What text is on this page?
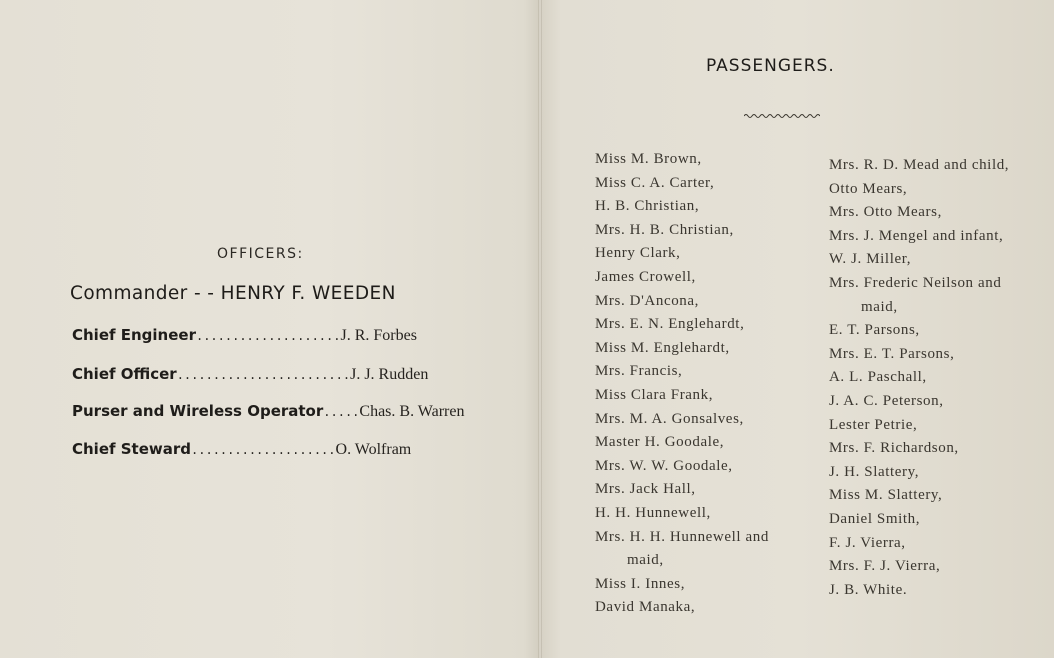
OFFICERS:
Commander - - HENRY F. WEEDEN
Chief Engineer....................J. R. Forbes
Chief Officer........................J. J. Rudden
Purser and Wireless Operator.....Chas. B. Warren
Chief Steward....................O. Wolfram
PASSENGERS.
Miss M. Brown,
Miss C. A. Carter,
H. B. Christian,
Mrs. H. B. Christian,
Henry Clark,
James Crowell,
Mrs. D'Ancona,
Mrs. E. N. Englehardt,
Miss M. Englehardt,
Mrs. Francis,
Miss Clara Frank,
Mrs. M. A. Gonsalves,
Master H. Goodale,
Mrs. W. W. Goodale,
Mrs. Jack Hall,
H. H. Hunnewell,
Mrs. H. H. Hunnewell and
maid,
Miss I. Innes,
David Manaka,
Mrs. R. D. Mead and child,
Otto Mears,
Mrs. Otto Mears,
Mrs. J. Mengel and infant,
W. J. Miller,
Mrs. Frederic Neilson and
maid,
E. T. Parsons,
Mrs. E. T. Parsons,
A. L. Paschall,
J. A. C. Peterson,
Lester Petrie,
Mrs. F. Richardson,
J. H. Slattery,
Miss M. Slattery,
Daniel Smith,
F. J. Vierra,
Mrs. F. J. Vierra,
J. B. White.
